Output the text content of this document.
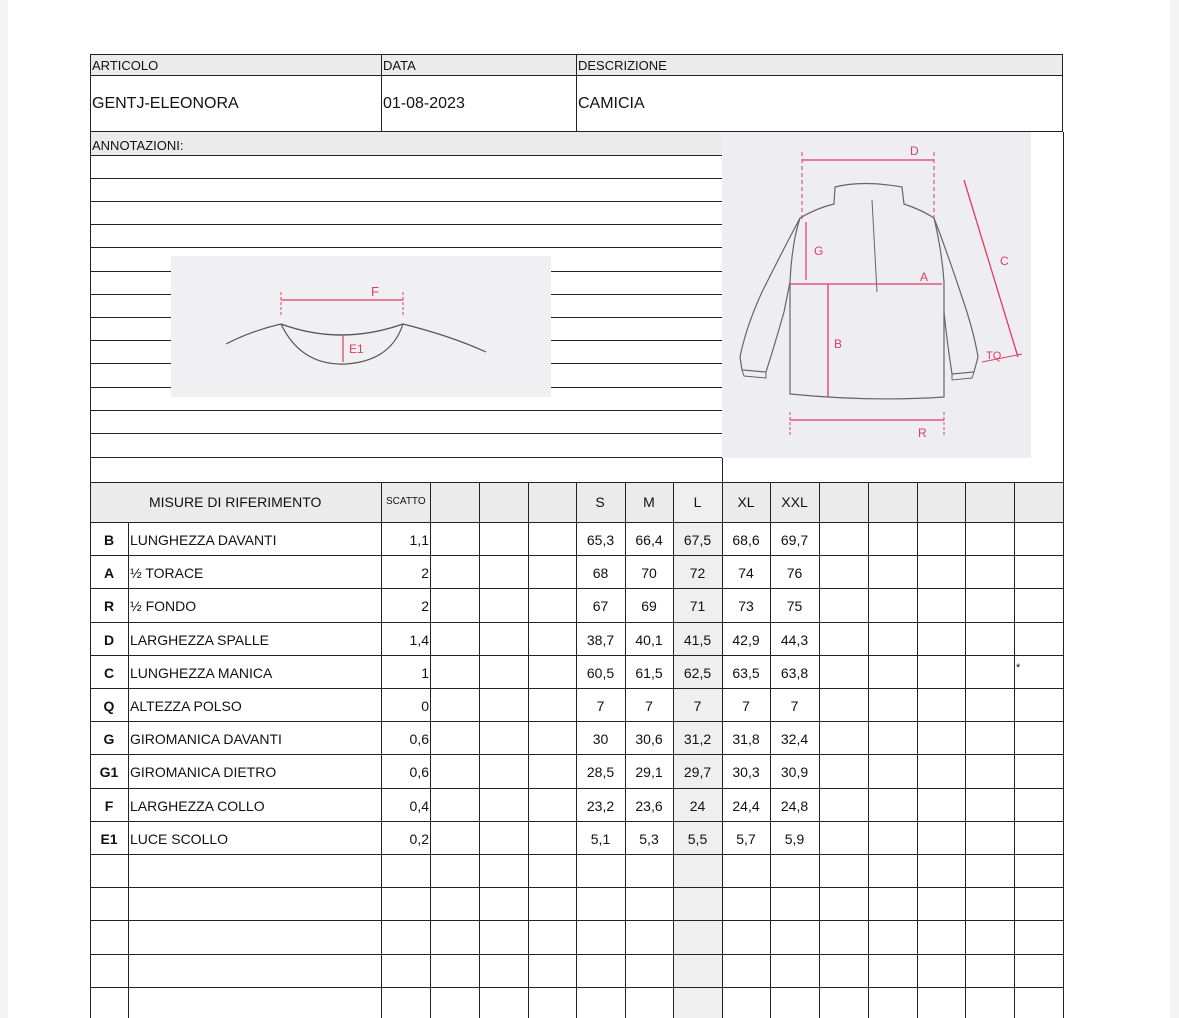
ARTICOLO	DATA	DESCRIZIONE
GENTJ-ELEONORA	01-08-2023	CAMICIA
ANNOTAZIONI:
F
E1
D
G
A
C
B
TQ
R
MISURE DI RIFERIMENTO	SCATTO	S	M	L	XL	XXL
B	LUNGHEZZA DAVANTI	1,1	65,3	66,4	67,5	68,6	69,7
A	½ TORACE	2	68	70	72	74	76
R	½ FONDO	2	67	69	71	73	75
D	LARGHEZZA SPALLE	1,4	38,7	40,1	41,5	42,9	44,3
C	LUNGHEZZA MANICA	1	60,5	61,5	62,5	63,5	63,8
Q	ALTEZZA POLSO	0	7	7	7	7	7
G	GIROMANICA DAVANTI	0,6	30	30,6	31,2	31,8	32,4
G1 GIROMANICA DIETRO	0,6	28,5	29,1	29,7	30,3	30,9
F	LARGHEZZA COLLO	0,4	23,2	23,6	24	24,4	24,8
E1 LUCE SCOLLO	0,2	5,1	5,3	5,5	5,7	5,9
*
